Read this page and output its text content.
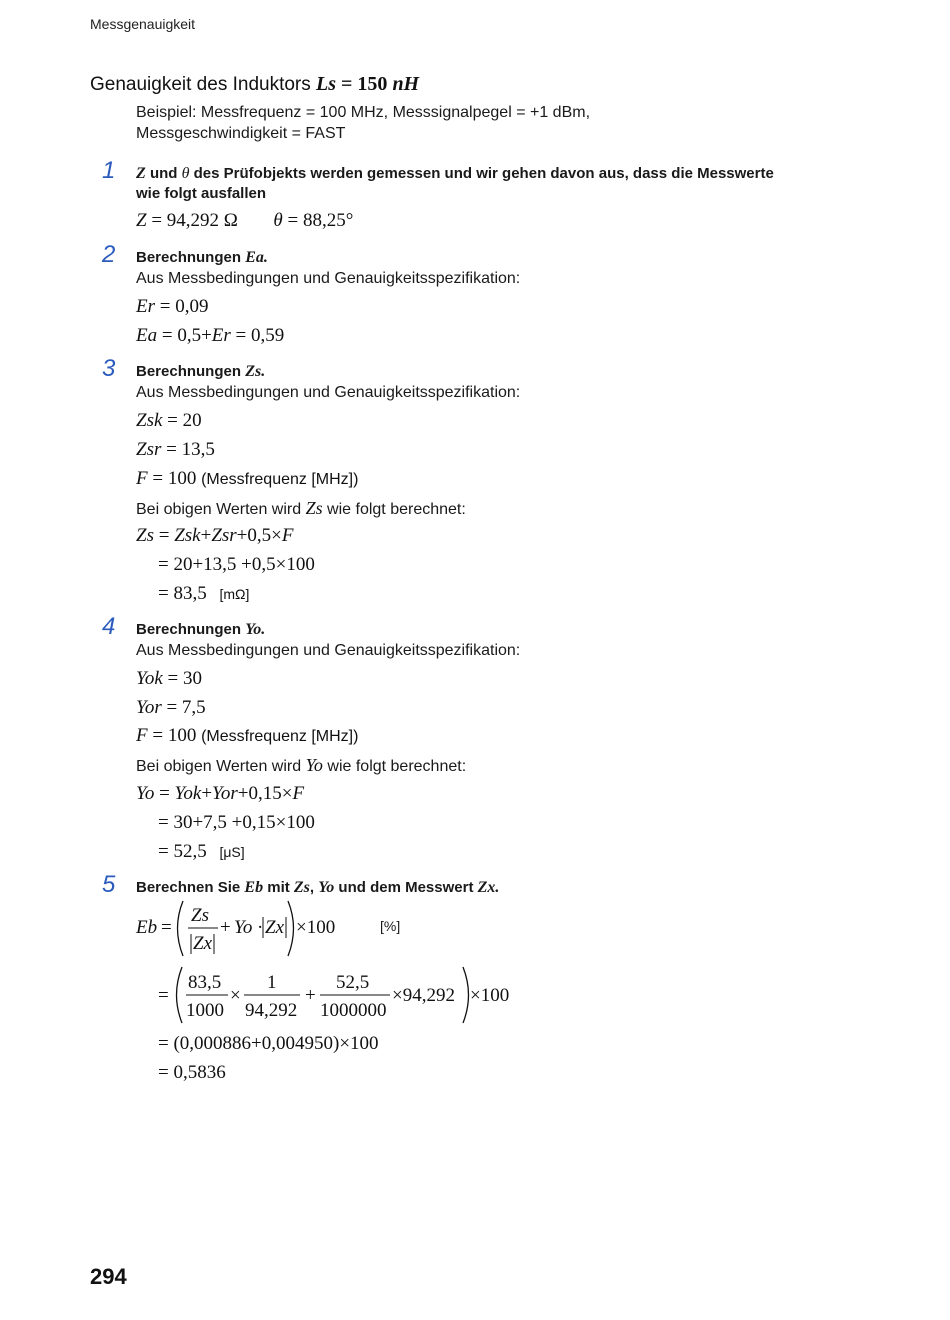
Messgenauigkeit
Genauigkeit des Induktors Ls = 150 nH
Beispiel: Messfrequenz = 100 MHz, Messsignalpegel = +1 dBm,
Messgeschwindigkeit = FAST
1 Z und θ des Prüfobjekts werden gemessen und wir gehen davon aus, dass die Messwerte
wie folgt ausfallen
Z = 94,292 Ω θ = 88,25°
2 Berechnungen Ea.
Aus Messbedingungen und Genauigkeitsspezifikation:
Er = 0,09
Ea = 0,5+Er = 0,59
3 Berechnungen Zs.
Aus Messbedingungen und Genauigkeitsspezifikation:
Zsk = 20
Zsr = 13,5
F = 100 (Messfrequenz [MHz])
Bei obigen Werten wird Zs wie folgt berechnet:
Zs = Zsk+Zsr+0,5×F
= 20+13,5 +0,5×100
= 83,5 [mΩ]
4 Berechnungen Yo.
Aus Messbedingungen und Genauigkeitsspezifikation:
Yok = 30
Yor = 7,5
F = 100 (Messfrequenz [MHz])
Bei obigen Werten wird Yo wie folgt berechnet:
Yo = Yok+Yor+0,15×F
= 30+7,5 +0,15×100
= 52,5 [μS]
5 Berechnen Sie Eb mit Zs, Yo und dem Messwert Zx.
Eb =
Zs
Zx
+ Yo · Zx ×100	[%]
=
83,5
1000
×
1
94,292
+
52,5
1000000
×94,292 ×100
= (0,000886+0,004950)×100
= 0,5836
294
